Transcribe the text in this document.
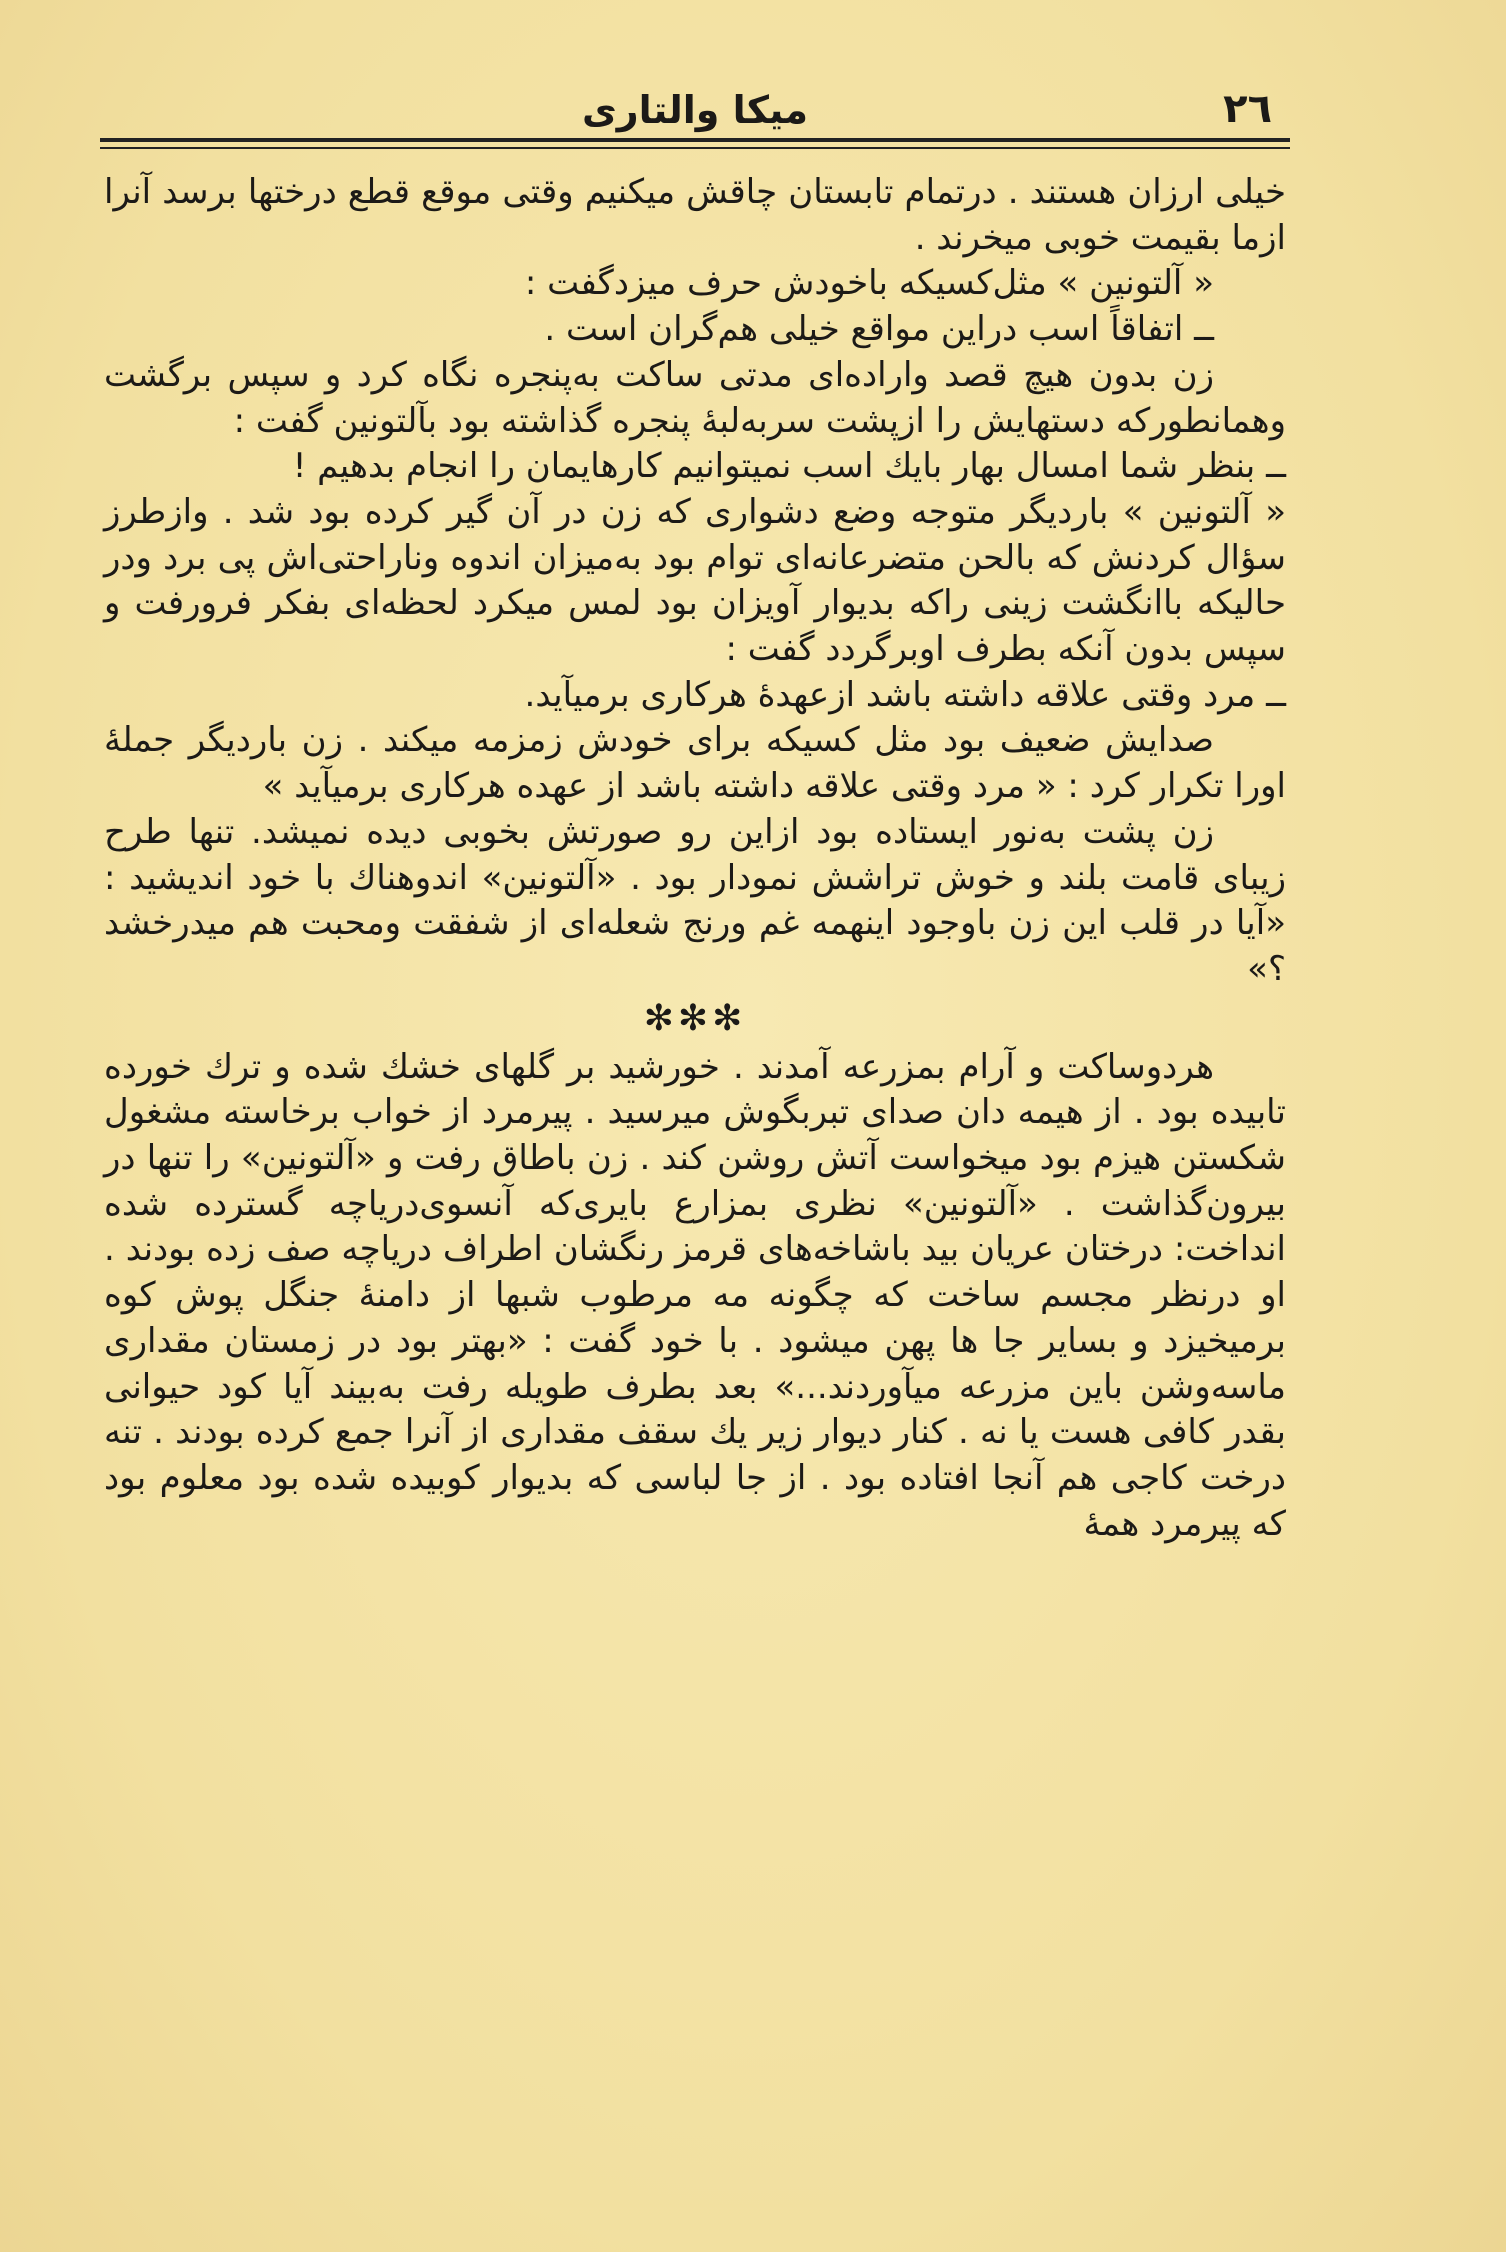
٢٦
میکا والتاری

خیلی ارزان هستند . درتمام تابستان چاقش میکنیم وقتی موقع قطع درختها برسد آنرا ازما بقیمت خوبی میخرند .

« آلتونین » مثل‌کسیکه باخودش حرف میزدگفت :

ــ اتفاقاً اسب دراین مواقع خیلی هم‌گران است .

زن بدون هیچ قصد واراده‌ای مدتی ساکت به‌پنجره نگاه کرد و سپس برگشت وهمانطورکه دستهایش را ازپشت سربه‌لبهٔ پنجره گذاشته بود بآلتونین گفت :

ــ بنظر شما امسال بهار بایك اسب نمیتوانیم کارهایمان را انجام بدهیم !

« آلتونین » باردیگر متوجه وضع دشواری که زن در آن گیر کرده بود شد . وازطرز سؤال کردنش که بالحن متضرعانه‌ای توام بود به‌میزان اندوه وناراحتی‌اش پی برد ودر حالیکه باانگشت زینی راکه بدیوار آویزان بود لمس میکرد لحظه‌ای بفکر فرورفت و سپس بدون آنکه بطرف اوبرگردد گفت :

ــ مرد وقتی علاقه داشته باشد ازعهدهٔ هرکاری برمیآید.

صدایش ضعیف بود مثل کسیکه برای خودش زمزمه میکند . زن باردیگر جملهٔ اورا تکرار کرد : « مرد وقتی علاقه داشته باشد از عهده هرکاری برمیآید »

زن پشت به‌نور ایستاده بود ازاین رو صورتش بخوبی دیده نمیشد. تنها طرح زیبای قامت بلند و خوش تراشش نمودار بود . «آلتونین» اندوهناك با خود اندیشید : «آیا در قلب این زن باوجود اینهمه غم ورنج شعله‌ای از شفقت ومحبت هم میدرخشد ؟»

✻✻✻

هردوساکت و آرام بمزرعه آمدند . خورشید بر گلهای خشك شده و ترك خورده تابیده بود . از هیمه دان صدای تبربگوش میرسید . پیرمرد از خواب برخاسته مشغول شکستن هیزم بود میخواست آتش روشن کند . زن باطاق رفت و «آلتونین» را تنها در بیرون‌گذاشت . «آلتونین» نظری بمزارع بایری‌که آنسوی‌دریاچه گسترده شده انداخت: درختان عریان بید باشاخه‌های قرمز رنگشان اطراف دریاچه صف زده بودند . او درنظر مجسم ساخت که چگونه مه مرطوب شبها از دامنهٔ جنگل پوش کوه برمیخیزد و بسایر جا ها پهن میشود . با خود گفت : «بهتر بود در زمستان مقداری ماسه‌وشن باین مزرعه میآوردند...» بعد بطرف طویله رفت به‌بیند آیا کود حیوانی بقدر کافی هست یا نه . کنار دیوار زیر یك سقف مقداری از آنرا جمع کرده بودند . تنه درخت کاجی هم آنجا افتاده بود . از جا لباسی که بدیوار کوبیده شده بود معلوم بود که پیرمرد همهٔ
